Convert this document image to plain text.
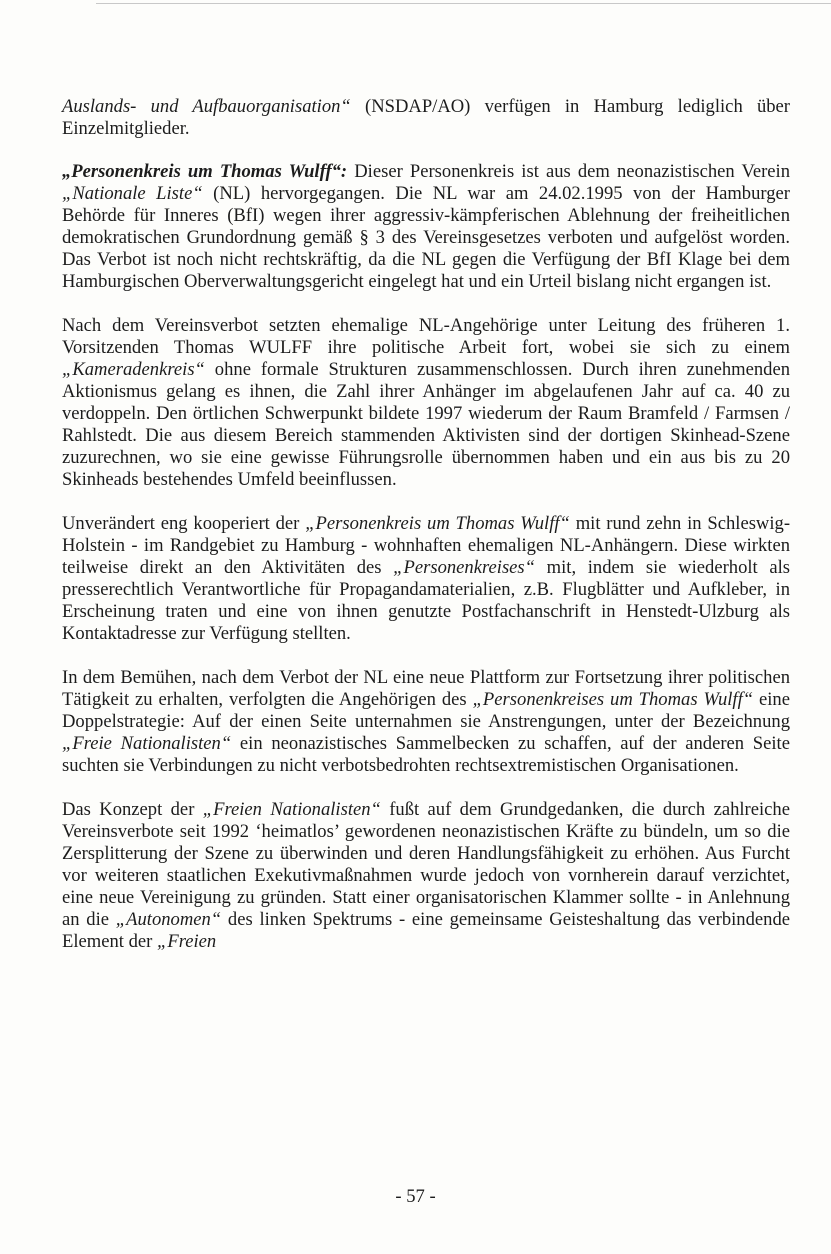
Auslands- und Aufbauorganisation“ (NSDAP/AO) verfügen in Hamburg lediglich über Einzelmitglieder.

„Personenkreis um Thomas Wulff“: Dieser Personenkreis ist aus dem neonazistischen Verein „Nationale Liste“ (NL) hervorgegangen. Die NL war am 24.02.1995 von der Hamburger Behörde für Inneres (BfI) wegen ihrer aggressiv-kämpferischen Ablehnung der freiheitlichen demokratischen Grundordnung gemäß § 3 des Vereinsgesetzes verboten und aufgelöst worden. Das Verbot ist noch nicht rechtskräftig, da die NL gegen die Verfügung der BfI Klage bei dem Hamburgischen Oberverwaltungsgericht eingelegt hat und ein Urteil bislang nicht ergangen ist.

Nach dem Vereinsverbot setzten ehemalige NL-Angehörige unter Leitung des früheren 1. Vorsitzenden Thomas WULFF ihre politische Arbeit fort, wobei sie sich zu einem „Kameradenkreis“ ohne formale Strukturen zusammenschlossen. Durch ihren zunehmenden Aktionismus gelang es ihnen, die Zahl ihrer Anhänger im abgelaufenen Jahr auf ca. 40 zu verdoppeln. Den örtlichen Schwerpunkt bildete 1997 wiederum der Raum Bramfeld / Farmsen / Rahlstedt. Die aus diesem Bereich stammenden Aktivisten sind der dortigen Skinhead-Szene zuzurechnen, wo sie eine gewisse Führungsrolle übernommen haben und ein aus bis zu 20 Skinheads bestehendes Umfeld beeinflussen.

Unverändert eng kooperiert der „Personenkreis um Thomas Wulff“ mit rund zehn in Schleswig-Holstein - im Randgebiet zu Hamburg - wohnhaften ehemaligen NL-Anhängern. Diese wirkten teilweise direkt an den Aktivitäten des „Personenkreises“ mit, indem sie wiederholt als presserechtlich Verantwortliche für Propagandamaterialien, z.B. Flugblätter und Aufkleber, in Erscheinung traten und eine von ihnen genutzte Postfachanschrift in Henstedt-Ulzburg als Kontaktadresse zur Verfügung stellten.

In dem Bemühen, nach dem Verbot der NL eine neue Plattform zur Fortsetzung ihrer politischen Tätigkeit zu erhalten, verfolgten die Angehörigen des „Personenkreises um Thomas Wulff“ eine Doppelstrategie: Auf der einen Seite unternahmen sie Anstrengungen, unter der Bezeichnung „Freie Nationalisten“ ein neonazistisches Sammelbecken zu schaffen, auf der anderen Seite suchten sie Verbindungen zu nicht verbotsbedrohten rechtsextremistischen Organisationen.

Das Konzept der „Freien Nationalisten“ fußt auf dem Grundgedanken, die durch zahlreiche Vereinsverbote seit 1992 ‘heimatlos’ gewordenen neonazistischen Kräfte zu bündeln, um so die Zersplitterung der Szene zu überwinden und deren Handlungsfähigkeit zu erhöhen. Aus Furcht vor weiteren staatlichen Exekutivmaßnahmen wurde jedoch von vornherein darauf verzichtet, eine neue Vereinigung zu gründen. Statt einer organisatorischen Klammer sollte - in Anlehnung an die „Autonomen“ des linken Spektrums - eine gemeinsame Geisteshaltung das verbindende Element der „Freien

- 57 -
